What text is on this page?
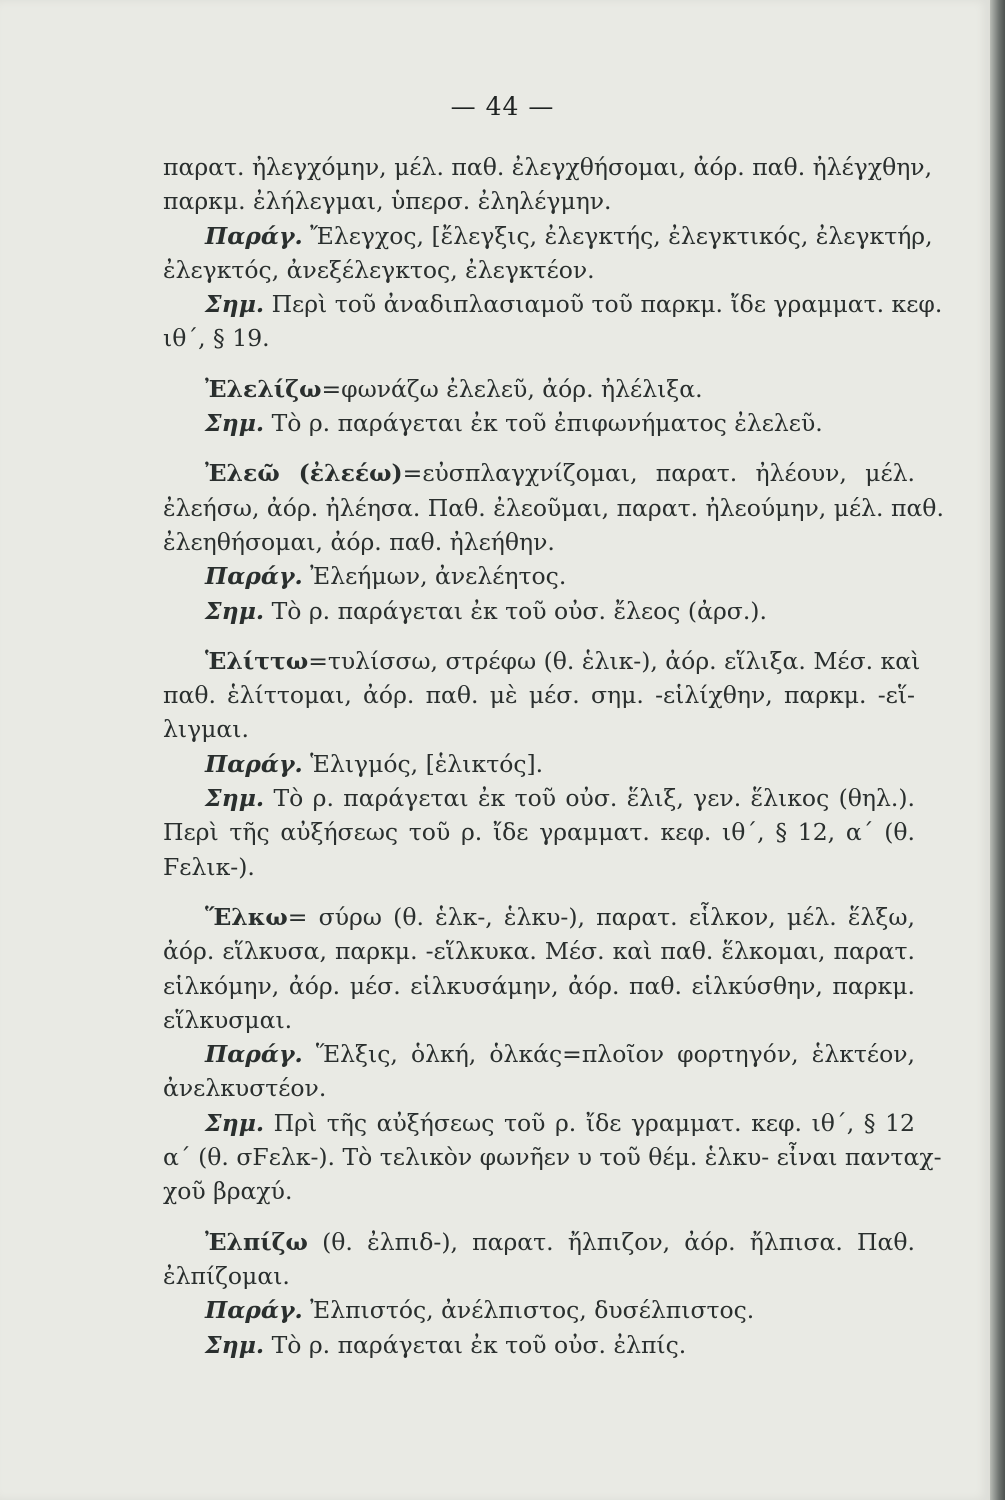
— 44 —
παρατ. ἠλεγχόμην, μέλ. παθ. ἐλεγχθήσομαι, ἀόρ. παθ. ἠλέγχθην,
παρκμ. ἐλήλεγμαι, ὑπερσ. ἐληλέγμην.
Παράγ. Ἔλεγχος, [ἔλεγξις, ἐλεγκτής, ἐλεγκτικός, ἐλεγκτήρ,
ἐλεγκτός, ἀνεξέλεγκτος, ἐλεγκτέον.
Σημ. Περὶ τοῦ ἀναδιπλασιαμοῦ τοῦ παρκμ. ἴδε γραμματ. κεφ.
ιθ΄, § 19.
Ἐλελίζω=φωνάζω ἐλελεῦ, ἀόρ. ἠλέλιξα.
Σημ. Τὸ ρ. παράγεται ἐκ τοῦ ἐπιφωνήματος ἐλελεῦ.
Ἐλεῶ (ἐλεέω)=εὐσπλαγχνίζομαι, παρατ. ἠλέουν, μέλ.
ἐλεήσω, ἀόρ. ἠλέησα. Παθ. ἐλεοῦμαι, παρατ. ἠλεούμην, μέλ. παθ.
ἐλεηθήσομαι, ἀόρ. παθ. ἠλεήθην.
Παράγ. Ἐλεήμων, ἀνελέητος.
Σημ. Τὸ ρ. παράγεται ἐκ τοῦ οὐσ. ἔλεος (ἀρσ.).
Ἑλίττω=τυλίσσω, στρέφω (θ. ἑλικ-), ἀόρ. εἵλιξα. Μέσ. καὶ
παθ. ἑλίττομαι, ἀόρ. παθ. μὲ μέσ. σημ. -εἱλίχθην, παρκμ. -εἵ-
λιγμαι.
Παράγ. Ἑλιγμός, [ἑλικτός].
Σημ. Τὸ ρ. παράγεται ἐκ τοῦ οὐσ. ἕλιξ, γεν. ἕλικος (θηλ.).
Περὶ τῆς αὐξήσεως τοῦ ρ. ἴδε γραμματ. κεφ. ιθ΄, § 12, α΄ (θ.
Ϝελικ-).
Ἕλκω= σύρω (θ. ἑλκ-, ἑλκυ-), παρατ. εἷλκον, μέλ. ἕλξω,
ἀόρ. εἵλκυσα, παρκμ. -εἵλκυκα. Μέσ. καὶ παθ. ἕλκομαι, παρατ.
εἱλκόμην, ἀόρ. μέσ. εἱλκυσάμην, ἀόρ. παθ. εἱλκύσθην, παρκμ.
εἵλκυσμαι.
Παράγ. Ἕλξις, ὁλκή, ὁλκάς=πλοῖον φορτηγόν, ἑλκτέον,
ἀνελκυστέον.
Σημ. Πρὶ τῆς αὐξήσεως τοῦ ρ. ἴδε γραμματ. κεφ. ιθ΄, § 12
α΄ (θ. σϜελκ-). Τὸ τελικὸν φωνῆεν υ τοῦ θέμ. ἑλκυ- εἶναι πανταχ-
χοῦ βραχύ.
Ἐλπίζω (θ. ἐλπιδ-), παρατ. ἤλπιζον, ἀόρ. ἤλπισα. Παθ.
ἐλπίζομαι.
Παράγ. Ἐλπιστός, ἀνέλπιστος, δυσέλπιστος.
Σημ. Τὸ ρ. παράγεται ἐκ τοῦ οὐσ. ἐλπίς.
